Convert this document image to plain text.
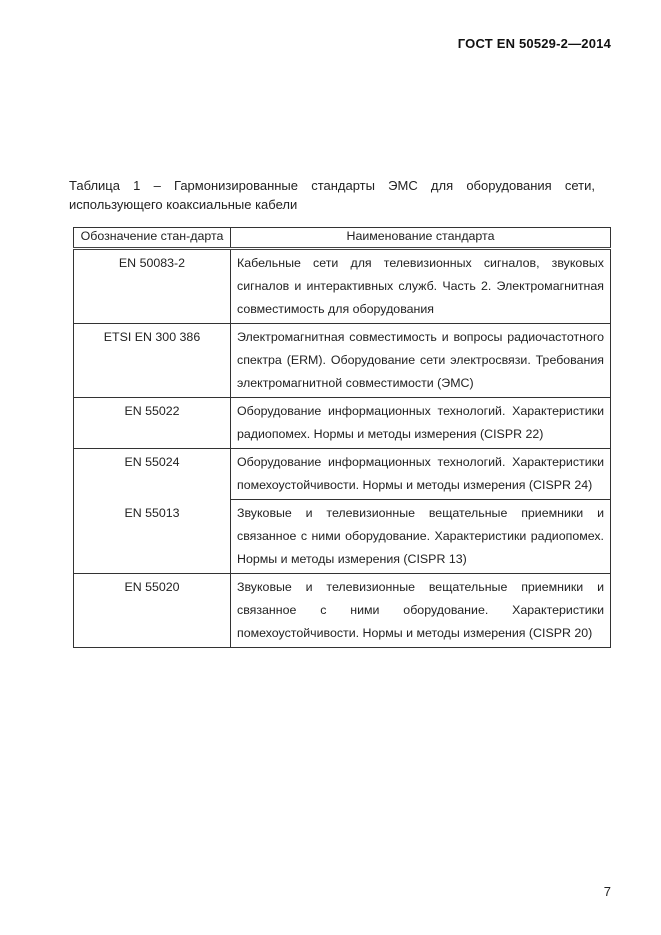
ГОСТ EN 50529-2—2014
Таблица 1 – Гармонизированные стандарты ЭМС для оборудования сети, использующего коаксиальные кабели
Обозначение стан-дарта	Наименование стандарта
EN 50083-2	Кабельные сети для телевизионных сигналов, звуковых сигналов и интерактивных служб. Часть 2. Электромагнитная совместимость для оборудования
ETSI EN 300 386	Электромагнитная совместимость и вопросы радиочастотного спектра (ERM). Оборудование сети электросвязи. Требования электромагнитной совместимости (ЭМС)
EN 55022	Оборудование информационных технологий. Характеристики радиопомех. Нормы и методы измерения (CISPR 22)
EN 55024	Оборудование информационных технологий. Характеристики помехоустойчивости. Нормы и методы измерения (CISPR 24)
EN 55013	Звуковые и телевизионные вещательные приемники и связанное с ними оборудование. Характеристики радиопомех. Нормы и методы измерения (CISPR 13)
EN 55020	Звуковые и телевизионные вещательные приемники и связанное с ними оборудование. Характеристики помехоустойчивости. Нормы и методы измерения (CISPR 20)
7
